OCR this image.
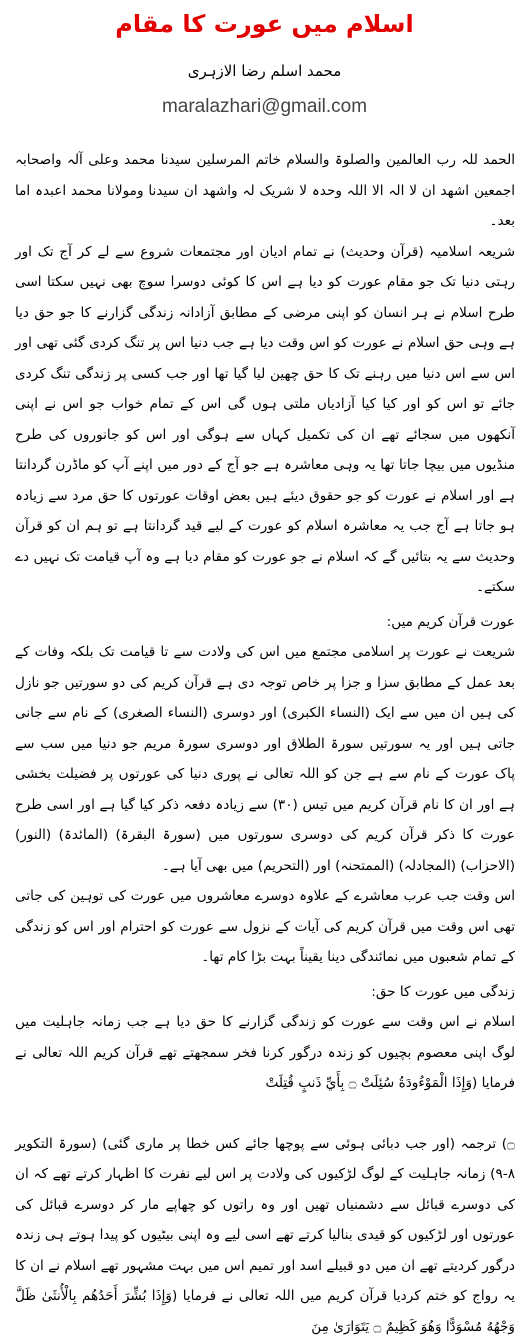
اسلام میں عورت کا مقام
محمد اسلم رضا الازہری
maralazhari@gmail.com

الحمد للہ رب العالمین والصلوۃ والسلام خاتم المرسلین سیدنا محمد وعلی آلہ واصحابہ اجمعین اشھد ان لا الہ الا اللہ وحدہ لا شریک لہ واشھد ان سیدنا ومولانا محمد اعبدہ اما بعد۔

شریعہ اسلامیہ (قرآن وحدیث) نے تمام ادیان اور مجتمعات شروع سے لے کر آج تک اور رہتی دنیا تک جو مقام عورت کو دیا ہے اس کا کوئی دوسرا سوچ بھی نہیں سکتا اسی طرح اسلام نے ہر انسان کو اپنی مرضی کے مطابق آزادانہ زندگی گزارنے کا جو حق دیا ہے وہی حق اسلام نے عورت کو اس وقت دیا ہے جب دنیا اس پر تنگ کردی گئی تھی اور اس سے اس دنیا میں رہنے تک کا حق چھین لیا گیا تھا اور جب کسی پر زندگی تنگ کردی جائے تو اس کو اور کیا کیا آزادیاں ملتی ہوں گی اس کے تمام خواب جو اس نے اپنی آنکھوں میں سجائے تھے ان کی تکمیل کہاں سے ہوگی اور اس کو جانوروں کی طرح منڈیوں میں بیچا جاتا تھا یہ وہی معاشرہ ہے جو آج کے دور میں اپنے آپ کو ماڈرن گردانتا ہے اور اسلام نے عورت کو جو حقوق دیئے ہیں بعض اوقات عورتوں کا حق مرد سے زیادہ ہو جاتا ہے آج جب یہ معاشرہ اسلام کو عورت کے لیے قید گردانتا ہے تو ہم ان کو قرآن وحدیث سے یہ بتائیں گے کہ اسلام نے جو عورت کو مقام دیا ہے وہ آپ قیامت تک نہیں دے سکتے۔

عورت قرآن کریم میں:

شریعت نے عورت پر اسلامی مجتمع میں اس کی ولادت سے تا قیامت تک بلکہ وفات کے بعد عمل کے مطابق سزا و جزا پر خاص توجہ دی ہے قرآن کریم کی دو سورتیں جو نازل کی ہیں ان میں سے ایک (النساء الکبری) اور دوسری (النساء الصغری) کے نام سے جانی جاتی ہیں اور یہ سورتیں سورۃ الطلاق اور دوسری سورۃ مریم جو دنیا میں سب سے پاک عورت کے نام سے ہے جن کو اللہ تعالی نے پوری دنیا کی عورتوں پر فضیلت بخشی ہے اور ان کا نام قرآن کریم میں تیس (۳۰) سے زیادہ دفعہ ذکر کیا گیا ہے اور اسی طرح عورت کا ذکر قرآن کریم کی دوسری سورتوں میں (سورۃ البقرۃ) (المائدۃ) (النور) (الاحزاب) (المجادلہ) (الممتحنہ) اور (التحریم) میں بھی آیا ہے۔

اس وقت جب عرب معاشرے کے علاوہ دوسرے معاشروں میں عورت کی توہین کی جاتی تھی اس وقت میں قرآن کریم کی آیات کے نزول سے عورت کو احترام اور اس کو زندگی کے تمام شعبوں میں نمائندگی دینا یقیناً بہت بڑا کام تھا۔

زندگی میں عورت کا حق:

اسلام نے اس وقت سے عورت کو زندگی گزارنے کا حق دیا ہے جب زمانہ جاہلیت میں لوگ اپنی معصوم بچیوں کو زندہ درگور کرنا فخر سمجھتے تھے قرآن کریم اللہ تعالی نے فرمایا (وَإِذَا الْمَوْءُودَةُ سُئِلَتْ ۝ بِأَيِّ ذَنبٍ قُتِلَتْ

۝) ترجمہ (اور جب دبائی ہوئی سے پوچھا جائے کس خطا پر ماری گئی) (سورۃ التکویر ۸-۹) زمانہ جاہلیت کے لوگ لڑکیوں کی ولادت پر اس لیے نفرت کا اظہار کرتے تھے کہ ان کی دوسرے قبائل سے دشمنیاں تھیں اور وہ راتوں کو چھاپے مار کر دوسرے قبائل کی عورتوں اور لڑکیوں کو قیدی بنالیا کرتے تھے اسی لیے وہ اپنی بیٹیوں کو پیدا ہوتے ہی زندہ درگور کردیتے تھے ان میں دو قبیلے اسد اور تمیم اس میں بہت مشہور تھے اسلام نے ان کا یہ رواج کو ختم کردیا قرآن کریم میں اللہ تعالی نے فرمایا (وَإِذَا بُشِّرَ أَحَدُهُم بِالْأُنثَىٰ ظَلَّ وَجْهُهُ مُسْوَدًّا وَهُوَ كَظِيمٌ ۝ يَتَوَارَىٰ مِنَ
